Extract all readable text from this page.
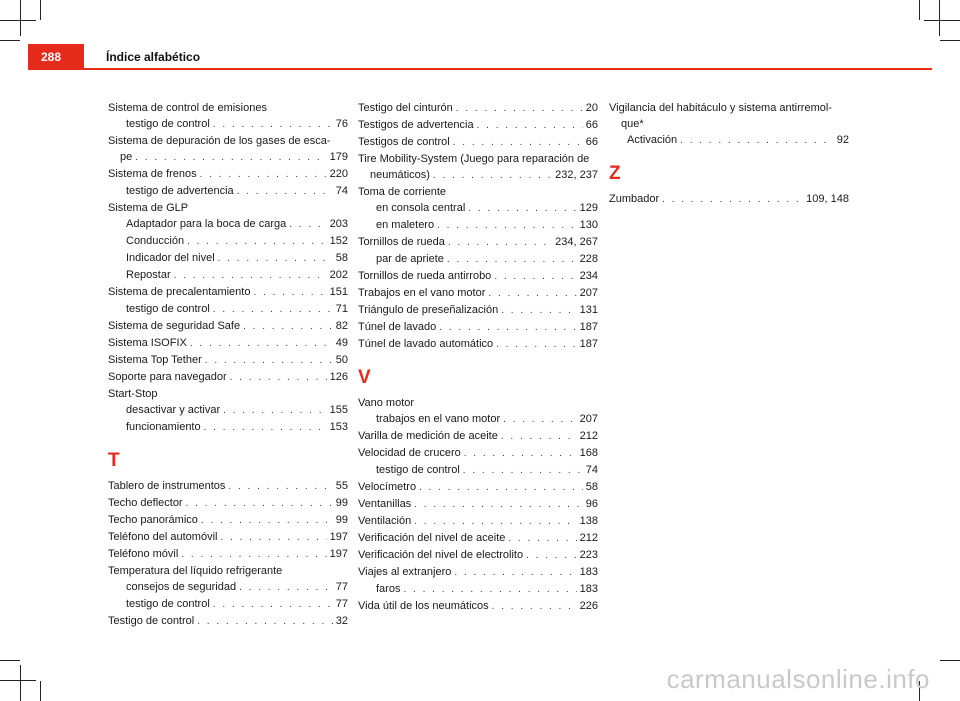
288	Índice alfabético
Sistema de control de emisiones
testigo de control . . .	76
Sistema de depuración de los gases de esca-
pe . . .	179
Sistema de frenos . . .	220
testigo de advertencia . . .	74
Sistema de GLP
Adaptador para la boca de carga . . .	203
Conducción . . .	152
Indicador del nivel . . .	58
Repostar . . .	202
Sistema de precalentamiento . . .	151
testigo de control . . .	71
Sistema de seguridad Safe . . .	82
Sistema ISOFIX . . .	49
Sistema Top Tether . . .	50
Soporte para navegador . . .	126
Start-Stop
desactivar y activar . . .	155
funcionamiento . . .	153
T
Tablero de instrumentos . . .	55
Techo deflector . . .	99
Techo panorámico . . .	99
Teléfono del automóvil . . .	197
Teléfono móvil . . .	197
Temperatura del líquido refrigerante
consejos de seguridad . . .	77
testigo de control . . .	77
Testigo de control . . .	32
Testigo del cinturón . . .	20
Testigos de advertencia . . .	66
Testigos de control . . .	66
Tire Mobility-System (Juego para reparación de
neumáticos) . . .	232, 237
Toma de corriente
en consola central . . .	129
en maletero . . .	130
Tornillos de rueda . . .	234, 267
par de apriete . . .	228
Tornillos de rueda antirrobo . . .	234
Trabajos en el vano motor . . .	207
Triángulo de preseñalización . . .	131
Túnel de lavado . . .	187
Túnel de lavado automático . . .	187
V
Vano motor
trabajos en el vano motor . . .	207
Varilla de medición de aceite . . .	212
Velocidad de crucero . . .	168
testigo de control . . .	74
Velocímetro . . .	58
Ventanillas . . .	96
Ventilación . . .	138
Verificación del nivel de aceite . . .	212
Verificación del nivel de electrolito . . .	223
Viajes al extranjero . . .	183
faros . . .	183
Vida útil de los neumáticos . . .	226
Vigilancia del habitáculo y sistema antirremol-
que*
Activación . . .	92
Z
Zumbador . . .	109, 148
carmanualsonline.info
